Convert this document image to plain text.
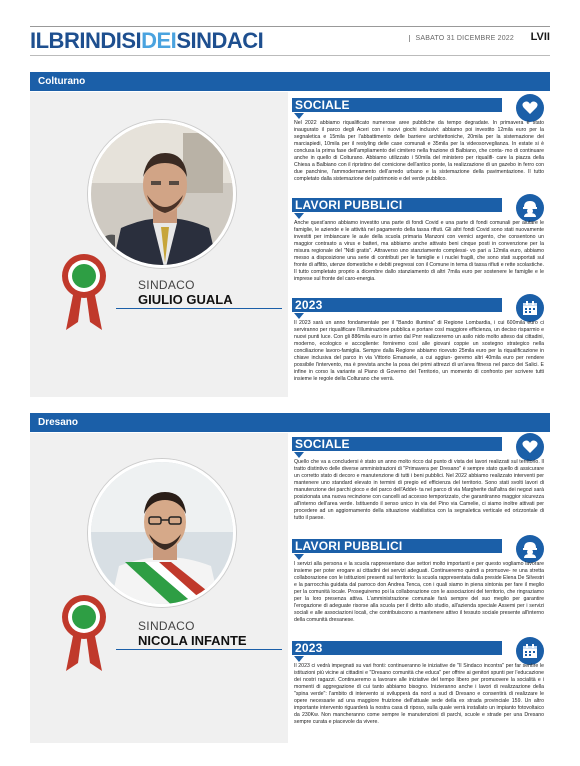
ILBRINDISIDEISINDACI	SABATO 31 DICEMBRE 2022 LVII
Colturano
SINDACO
GIULIO GUALA
SOCIALE

Nel 2022 abbiamo riqualificato numerose aree pubbliche da tempo degradate. In primavera è stato inaugurato il parco degli Aceri con i nuovi giochi inclusivi: abbiamo poi investito 12mila euro per la segnaletica e 15mila per l'abbattimento delle barriere architettoniche, 20mila per la sistemazione dei marciapiedi, 10mila per il restyling delle case comunali e 35mila per la videosorveglianza. In estate si è conclusa la prima fase dell'ampliamento del cimitero nella frazione di Balbiano, che conta- mo di continuare anche in quello di Colturano. Abbiamo utilizzato i 50mila del ministero per riqualifi- care la piazza della Chiesa a Balbiano con il ripristino del cornicione dell'antico ponte, la realizzazione di un gazebo in ferro con due panchine, l'ammodernamento dell'arredo urbano e la sistemazione della pavimentazione. Il tutto completato dalla sistemazione del patrimonio e del verde pubblico.

LAVORI PUBBLICI

Anche quest'anno abbiamo investito una parte di fondi Covid e una parte di fondi comunali per aiutare le famiglie, le aziende e le attività nel pagamento della tassa rifiuti. Gli altri fondi Covid sono stati nuovamente investiti per imbiancare le aule della scuola primaria Manzoni con vernici argento, che consentono un maggior contrasto a virus e batteri, ma abbiamo anche attivato beni cinque posti in convenzione per la misura regionale del "Nidi gratis". Attraverso uno stanziamento complessi- vo pari a 12mila euro, abbiamo messo a disposizione una serie di contributi per le famiglie e i nuclei fragili, che sono stati supportati sul fronte di affitto, utenze domestiche e debiti pregressi con il Comune in tema di tassa rifiuti e rette scolastiche. Il tutto completato proprio a dicembre dallo stanziamento di altri 7mila euro per sostenere le famiglie e le imprese sul fronte del caro-energia.

2023

Il 2023 sarà un anno fondamentale per il "Bando illumina" di Regione Lombardia, i cui 600mila euro ci serviranno per riqualificare l'illuminazione pubblica e portare così maggiore efficienza, un deciso risparmio e nuovi punti luce. Con gli 886mila euro in arrivo dal Pnrr realizzeremo un asilo nido molto atteso dai cittadini, moderno, ecologico e accogliente: forniremo così alle giovani coppie un sostegno strategico nella conciliazione lavoro-famiglia. Sempre dalla Regione abbiamo ricevuto 25mila euro per la riqualificazione in chiave inclusiva del parco in via Vittorio Emanuele, a cui aggiun- geremo altri 40mila euro per rendere possibile l'intervento, ma è prevista anche la posa dei primi attrezzi di un'area fitness nel parco dei Salici. E infine in corso la variante al Piano di Governo del Territorio, un momento di confronto per scrivere tutti insieme le regole della Colturano che verrà.

Dresano
SINDACO
NICOLA INFANTE
SOCIALE

Quello che va a concludersi è stato un anno molto ricco dal punto di vista dei lavori realizzati sul territorio. Il tratto distintivo delle diverse amministrazioni di "Primavera per Dresano" è sempre stato quello di assicurare un corretto stato di decoro e manutenzione di tutti i beni pubblici. Nel 2022 abbiamo realizzato interventi per mantenere uno standard elevato in termini di pregio ed efficienza del territorio. Sono stati svolti lavori di manutenzione dei parchi gioco e del parco dell'Addet- ta nel parco di via Margherite dall'altra dei negozi sarà posizionata una nuova recinzione con cancelli ad accesso temporizzato, che garantiranno maggior sicurezza all'interno dell'area verde. Istituendo il senso unico in via del Pino via Camelie, ci siamo inoltre attivati per procedere ad un aggiornamento della situazione viabilistica con la segnaletica verticale ed orizzontale di tutto il paese.

LAVORI PUBBLICI

I servizi alla persona e la scuola rappresentano due settori molto importanti e per questo vogliamo lavorare insieme per poter erogare ai cittadini dei servizi adeguati. Continueremo quindi a promuove- re una stretta collaborazione con le istituzioni presenti sul territorio: la scuola rappresentata dalla preside Elena De Silvestri e la parrocchia guidata dal parroco don Andrea Tenca, con i quali siamo in piena sintonia per fare il meglio per la comunità locale. Proseguiremo poi la collaborazione con le associazioni del territorio, che ringraziamo per la loro presenza attiva. L'amministrazione comunale farà sempre del suo meglio per garantire l'erogazione di adeguate risorse alla scuola per il diritto allo studio, all'azienda speciale Assemi per i servizi sociali e alle associazioni locali, che contribuiscono a mantenere attivo il tessuto sociale presente all'interno della comunità dresanese.

2023

Il 2023 ci vedrà impegnati su vari fronti: continueranno le iniziative de "Il Sindaco incontra" per far sentire le istituzioni più vicine ai cittadini e "Dresano comunità che educa" per offrire ai genitori spunti per l'educazione dei nostri ragazzi. Continueremo a lavorare alle iniziative del tempo libero per promuovere la socialità e i momenti di aggregazione di cui tanto abbiamo bisogno. Inizieranno anche i lavori di realizzazione della "spina verde": l'ambito di intervento si svilupperà da nord a sud di Dresano e consentirà di realizzare le opere necessarie ad una maggiore fruizione dell'attuale sede della ex strada provinciale 159. Un altro importante intervento riguarderà la nostra casa di riposo, sulla quale verrà installato un impianto fotovoltaico da 230Kw. Non mancheranno come sempre le manutenzioni di parchi, scuole e strade per una Dresano sempre curata e piacevole da vivere.
